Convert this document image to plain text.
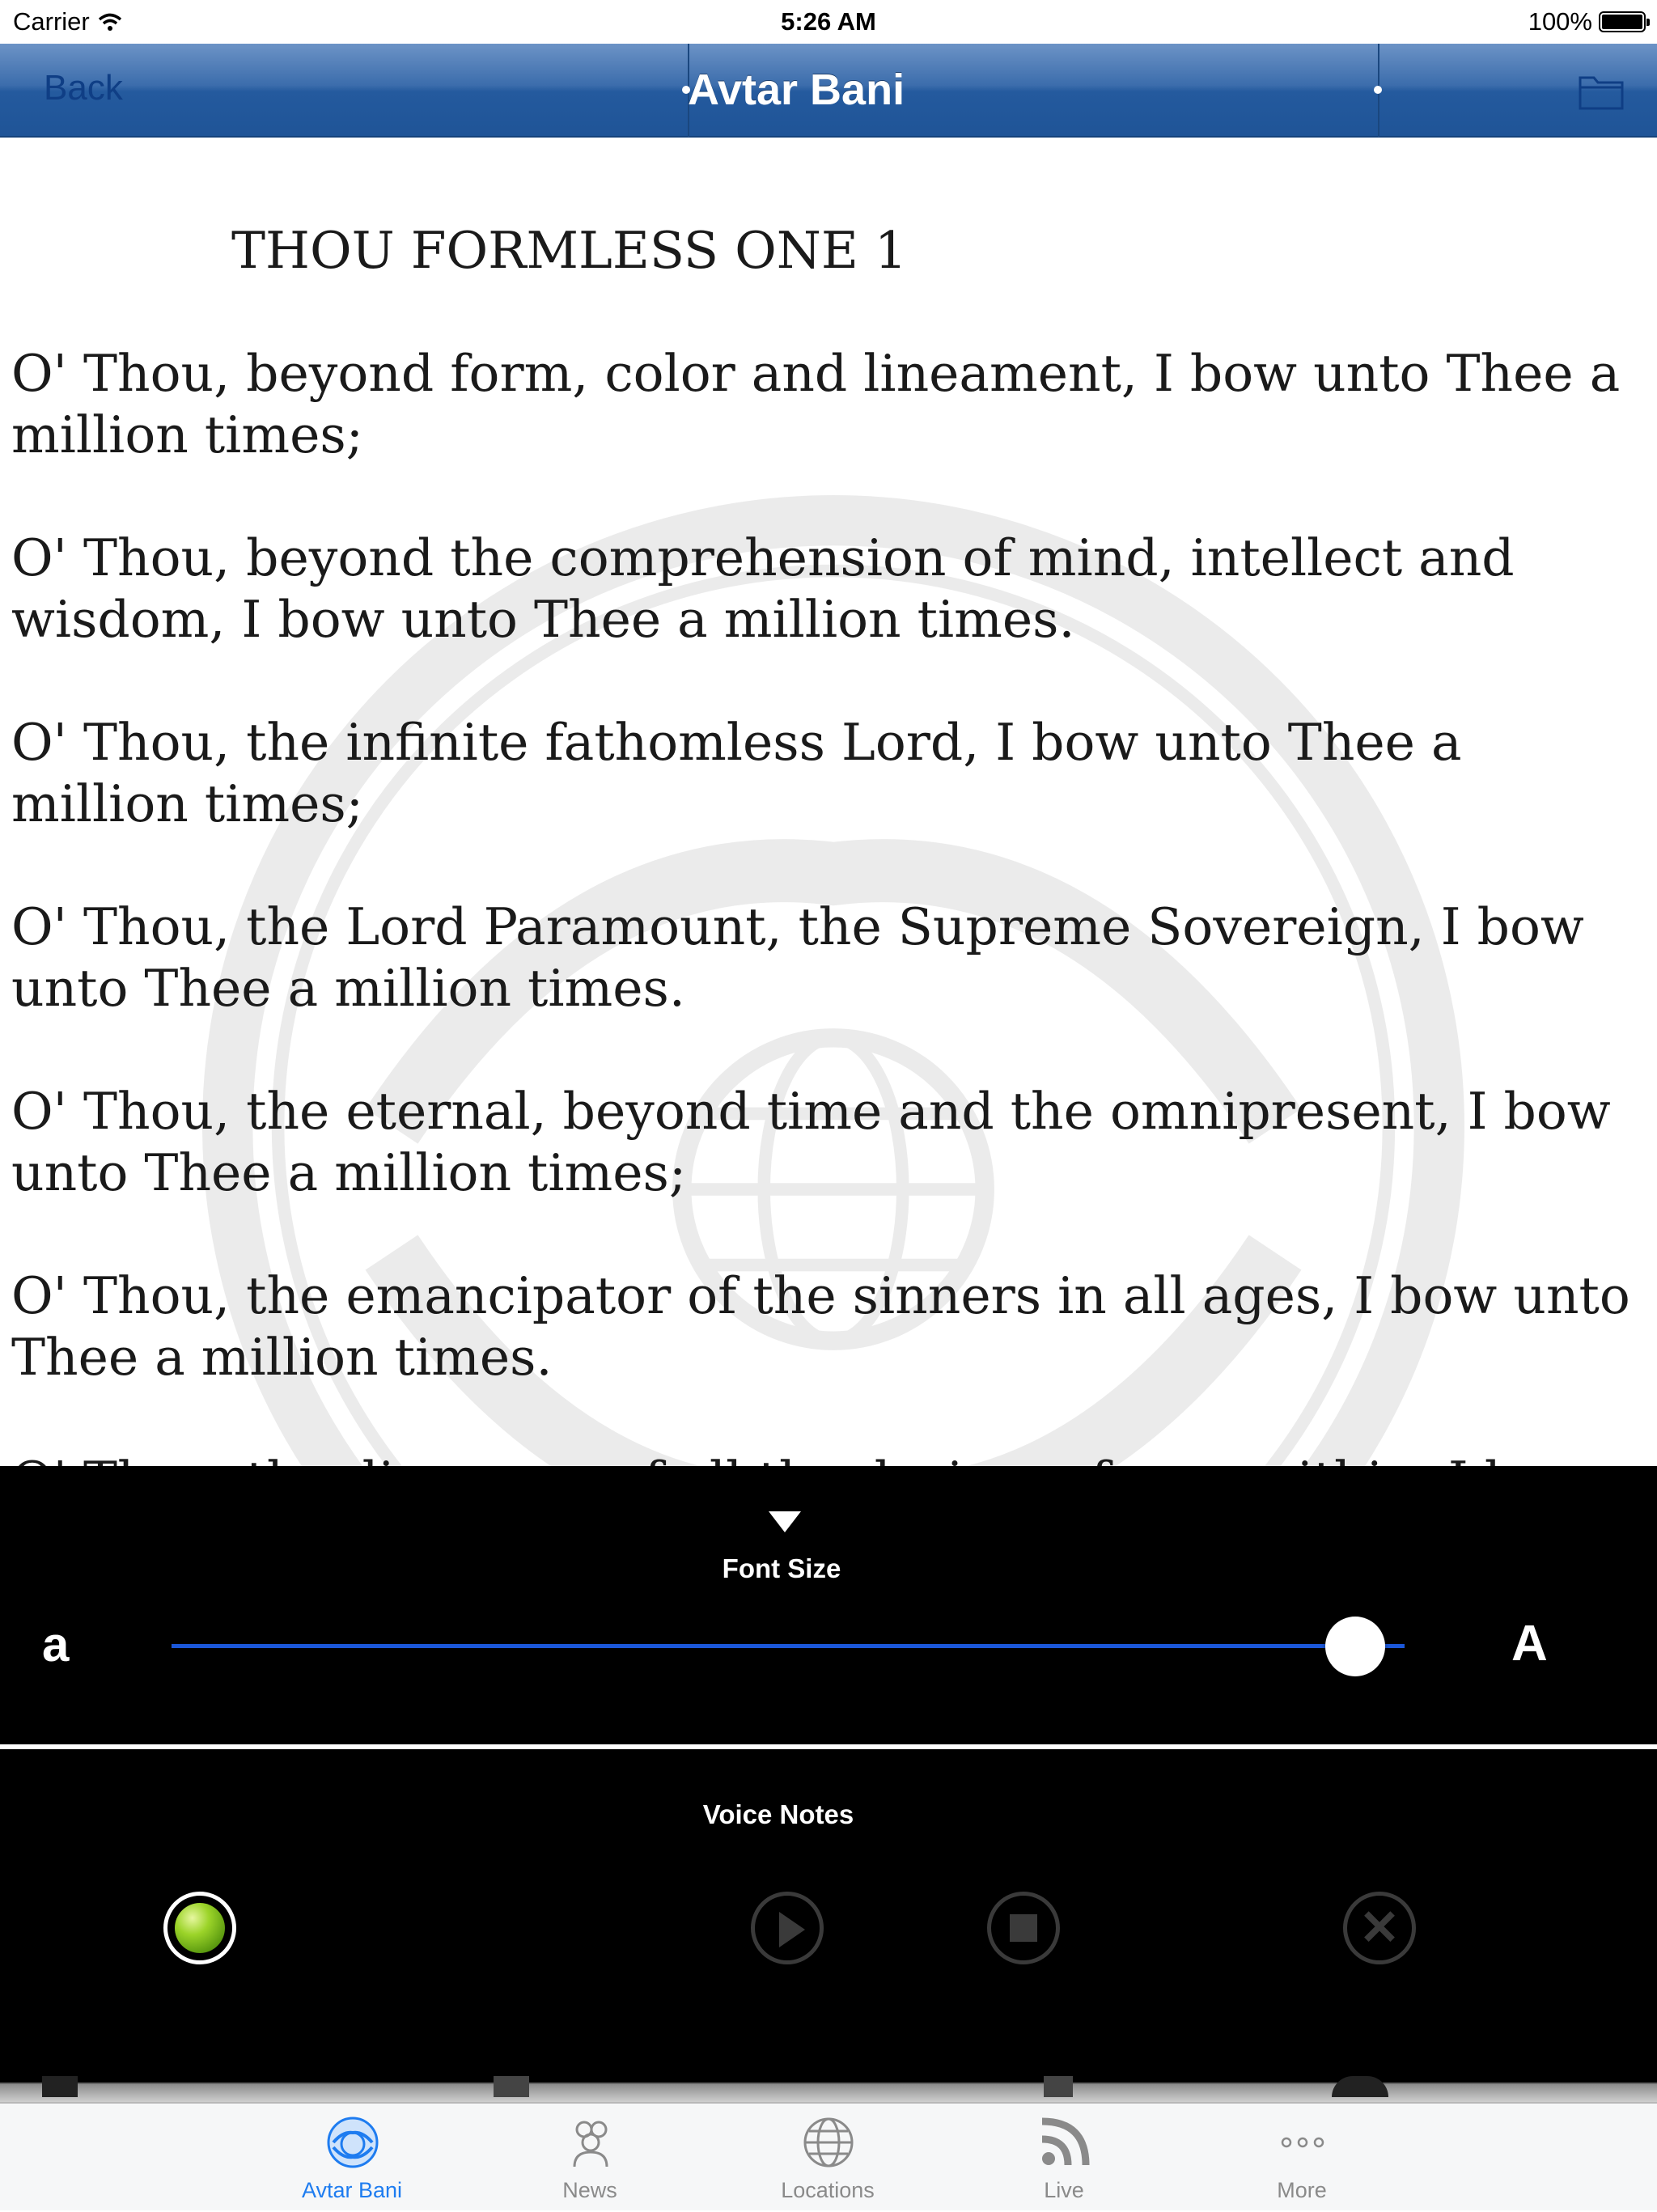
Carrier	5:26 AM	100%
Back	Avtar Bani
THOU FORMLESS ONE 1
O' Thou, beyond form, color and lineament, I bow unto Thee a million times;
O' Thou, beyond the comprehension of mind, intellect and wisdom, I bow unto Thee a million times.
O' Thou, the infinite fathomless Lord, I bow unto Thee a million times;
O' Thou, the Lord Paramount, the Supreme Sovereign, I bow unto Thee a million times.
O' Thou, the eternal, beyond time and the omnipresent, I bow unto Thee a million times;
O' Thou, the emancipator of the sinners in all ages, I bow unto Thee a million times.
Font Size
a	A
Voice Notes
✕
Avtar Bani	News	Locations	Live	More
